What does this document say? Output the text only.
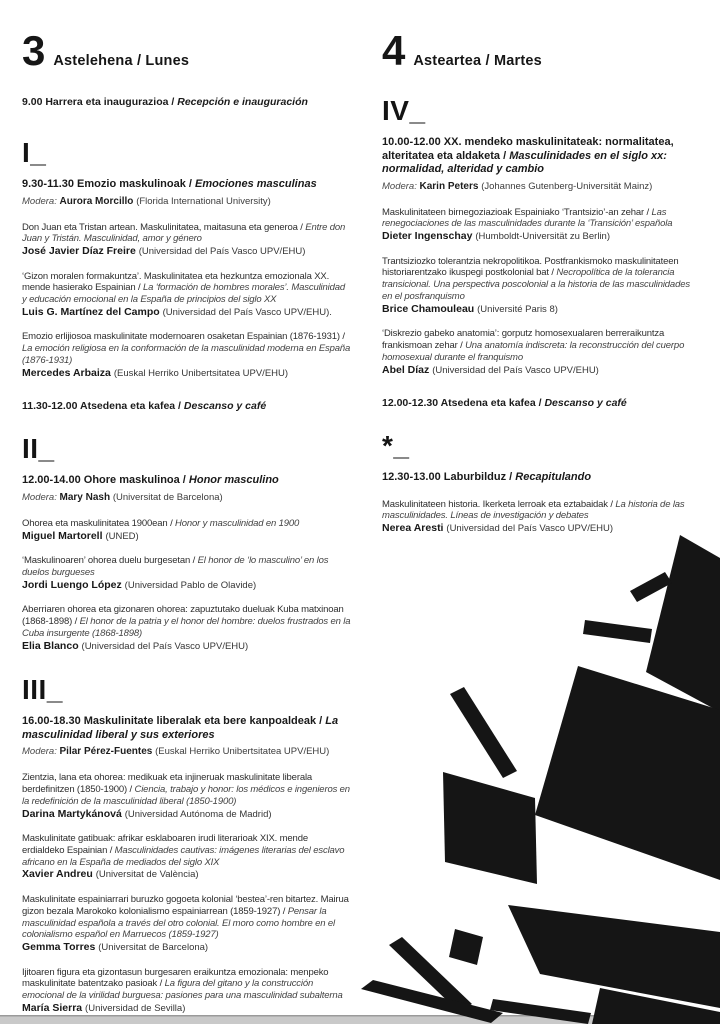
3 Astelehena / Lunes

9.00 Harrera eta inaugurazioa / Recepción e inauguración

I_

9.30-11.30 Emozio maskulinoak / Emociones masculinas

Modera: Aurora Morcillo (Florida International University)

Don Juan eta Tristan artean. Maskulinitatea, maitasuna eta generoa / Entre don Juan y Tristán. Masculinidad, amor y género

José Javier Díaz Freire (Universidad del País Vasco UPV/EHU)

‘Gizon moralen formakuntza’. Maskulinitatea eta hezkuntza emozionala XX. mende hasierako Espainian / La ‘formación de hombres morales’. Masculinidad y educación emocional en la España de principios del siglo XX

Luis G. Martínez del Campo (Universidad del País Vasco UPV/EHU).

Emozio erlijiosoa maskulinitate modernoaren osaketan Espainian (1876-1931) / La emoción religiosa en la conformación de la masculinidad moderna en España (1876-1931)

Mercedes Arbaiza (Euskal Herriko Unibertsitatea UPV/EHU)

11.30-12.00 Atsedena eta kafea / Descanso y café

II_

12.00-14.00 Ohore maskulinoa / Honor masculino

Modera: Mary Nash (Universitat de Barcelona)

Ohorea eta maskulinitatea 1900ean / Honor y masculinidad en 1900

Miguel Martorell (UNED)

‘Maskulinoaren’ ohorea duelu burgesetan / El honor de ‘lo masculino’ en los duelos burgueses

Jordi Luengo López (Universidad Pablo de Olavide)

Aberriaren ohorea eta gizonaren ohorea: zapuztutako dueluak Kuba matxinoan (1868-1898) / El honor de la patria y el honor del hombre: duelos frustrados en la Cuba insurgente (1868-1898)

Elia Blanco (Universidad del País Vasco UPV/EHU)
III_

16.00-18.30 Maskulinitate liberalak eta bere kanpoaldeak / La masculinidad liberal y sus exteriores

Modera: Pilar Pérez-Fuentes (Euskal Herriko Unibertsitatea UPV/EHU)

Zientzia, lana eta ohorea: medikuak eta injineruak maskulinitate liberala berdefinitzen (1850-1900) / Ciencia, trabajo y honor: los médicos e ingenieros en la redefinición de la masculinidad liberal (1850-1900)

Darina Martykánová (Universidad Autónoma de Madrid)

Maskulinitate gatibuak: afrikar esklaboaren irudi literarioak XIX. mende erdialdeko Espainian / Masculinidades cautivas: imágenes literarias del esclavo africano en la España de mediados del siglo XIX

Xavier Andreu (Universitat de València)

Maskulinitate espainiarrari buruzko gogoeta kolonial ‘bestea’-ren bitartez. Mairua gizon bezala Marokoko kolonialismo espainiarrean (1859-1927) / Pensar la masculinidad española a través del otro colonial. El moro como hombre en el colonialismo español en Marruecos (1859-1927)

Gemma Torres (Universitat de Barcelona)

Ijitoaren figura eta gizontasun burgesaren eraikuntza emozionala: menpeko maskulinitate batentzako pasioak / La figura del gitano y la construcción emocional de la virilidad burguesa: pasiones para una masculinidad subalterna

María Sierra (Universidad de Sevilla)
4 Asteartea / Martes
IV_

10.00-12.00 XX. mendeko maskulinitateak: normalitatea, alteritatea eta aldaketa / Masculinidades en el siglo xx: normalidad, alteridad y cambio

Modera: Karin Peters (Johannes Gutenberg-Universität Mainz)

Maskulinitateen birnegoziazioak Espainiako ‘Trantsizio’-an zehar / Las renegociaciones de las masculinidades durante la ‘Transición’ española

Dieter Ingenschay (Humboldt-Universität zu Berlin)

Trantsiziozko tolerantzia nekropolitikoa. Postfrankismoko maskulinitateen historiarentzako ikuspegi postkolonial bat / Necropolítica de la tolerancia transicional. Una perspectiva poscolonial a la historia de las masculinidades en el posfranquismo

Brice Chamouleau (Université Paris 8)

‘Diskrezio gabeko anatomia’: gorputz homosexualaren berreraikuntza frankismoan zehar / Una anatomía indiscreta: la reconstrucción del cuerpo homosexual durante el franquismo

Abel Díaz (Universidad del País Vasco UPV/EHU)

12.00-12.30 Atsedena eta kafea / Descanso y café

*_

12.30-13.00 Laburbilduz / Recapitulando

Maskulinitateen historia. Ikerketa lerroak eta eztabaidak / La historia de las masculinidades. Líneas de investigación y debates

Nerea Aresti (Universidad del País Vasco UPV/EHU)
